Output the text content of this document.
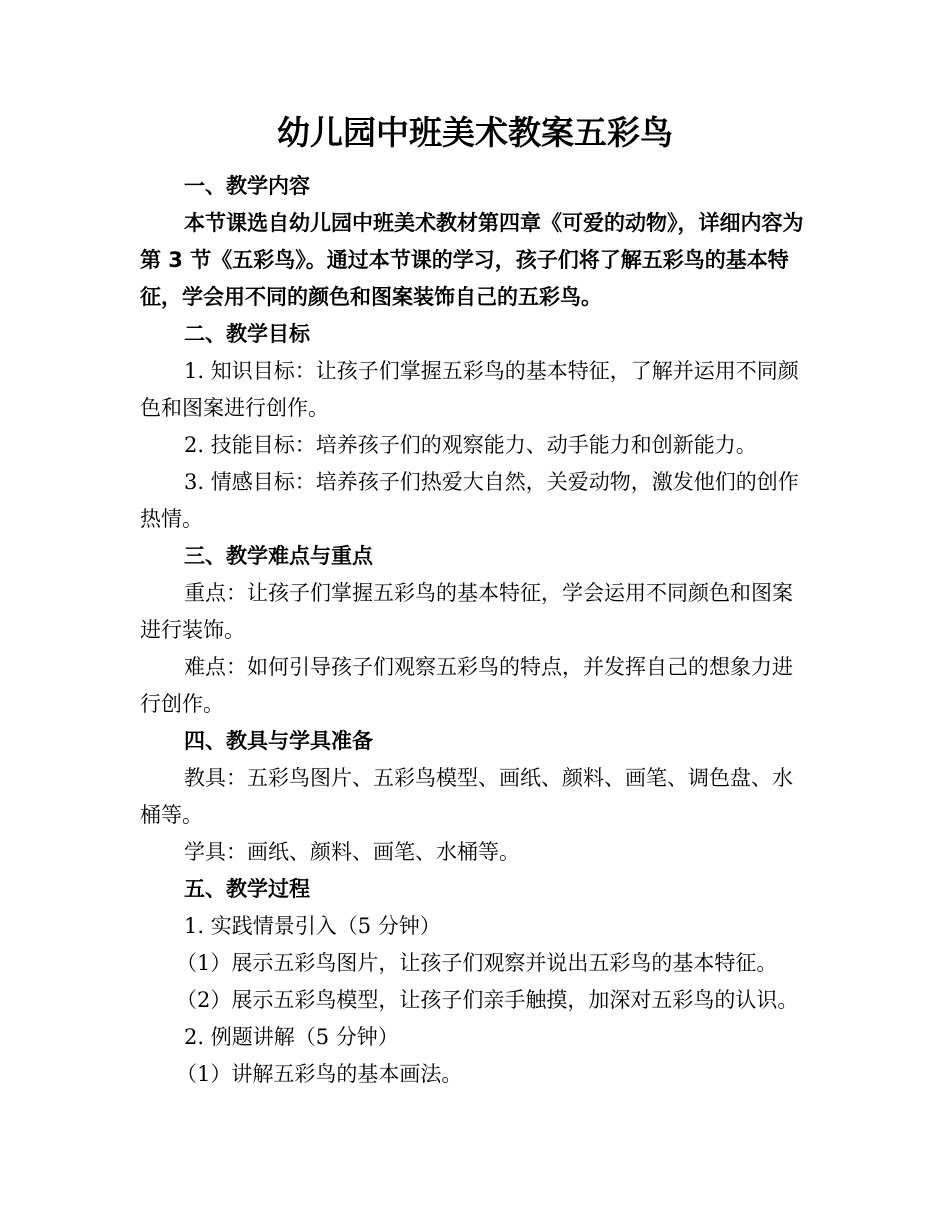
幼儿园中班美术教案五彩鸟

一、教学内容

本节课选自幼儿园中班美术教材第四章《可爱的动物》，详细内容为第 3 节《五彩鸟》。通过本节课的学习，孩子们将了解五彩鸟的基本特征，学会用不同的颜色和图案装饰自己的五彩鸟。

二、教学目标

1. 知识目标：让孩子们掌握五彩鸟的基本特征，了解并运用不同颜色和图案进行创作。

2. 技能目标：培养孩子们的观察能力、动手能力和创新能力。

3. 情感目标：培养孩子们热爱大自然，关爱动物，激发他们的创作热情。

三、教学难点与重点

重点：让孩子们掌握五彩鸟的基本特征，学会运用不同颜色和图案进行装饰。

难点：如何引导孩子们观察五彩鸟的特点，并发挥自己的想象力进行创作。

四、教具与学具准备

教具：五彩鸟图片、五彩鸟模型、画纸、颜料、画笔、调色盘、水桶等。

学具：画纸、颜料、画笔、水桶等。

五、教学过程

1. 实践情景引入（5 分钟）

（1）展示五彩鸟图片，让孩子们观察并说出五彩鸟的基本特征。

（2）展示五彩鸟模型，让孩子们亲手触摸，加深对五彩鸟的认识。

2. 例题讲解（5 分钟）

（1）讲解五彩鸟的基本画法。
